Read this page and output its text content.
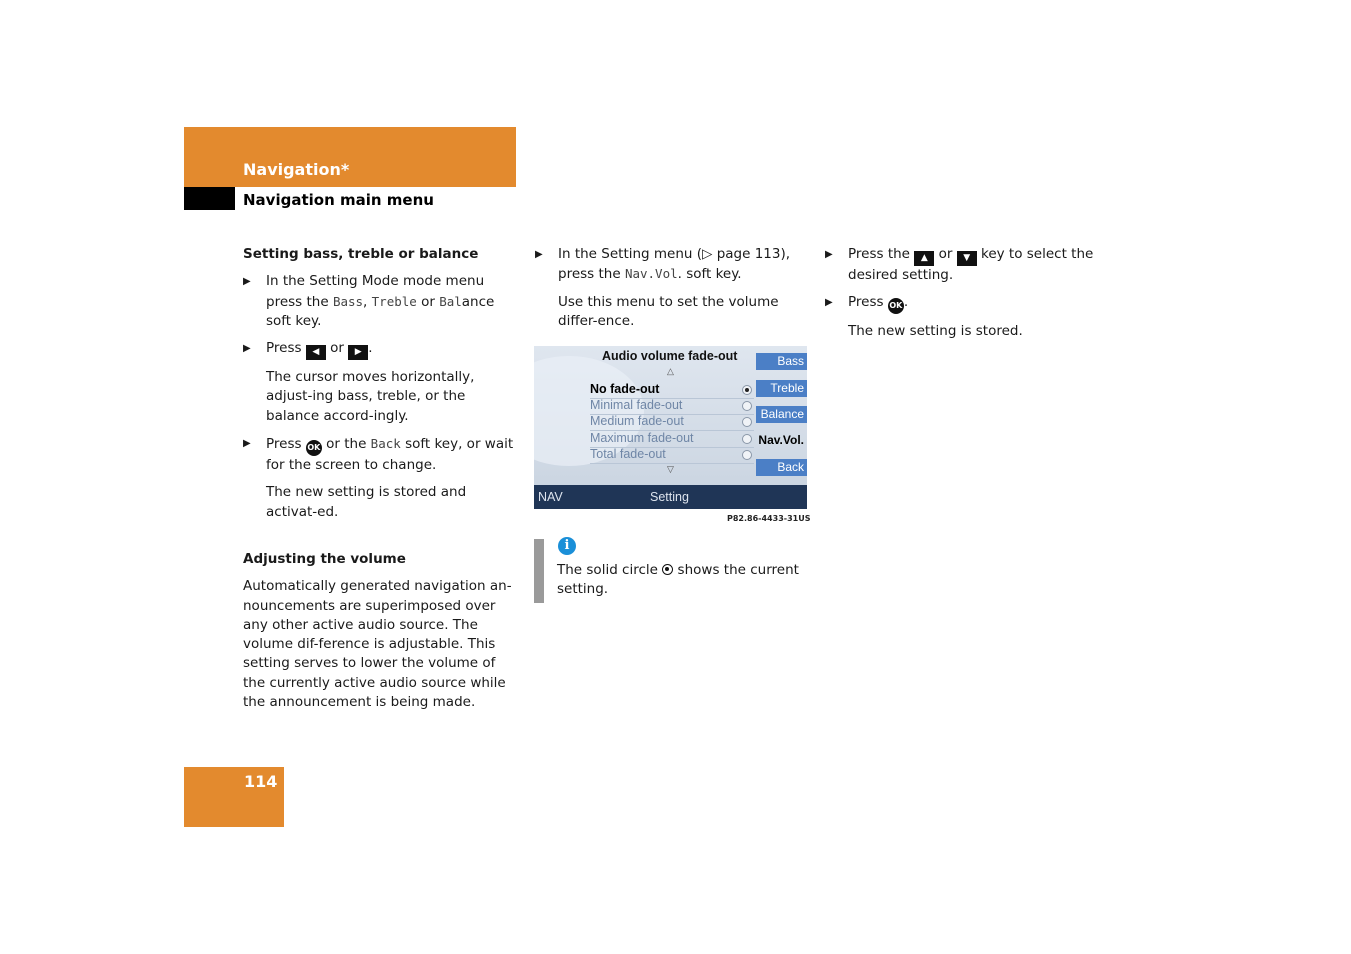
Navigation*
Navigation main menu

Setting bass, treble or balance

▶ In the Setting Mode mode menu press the Bass, Treble or Balance soft key.

▶ Press ◀ or ▶ .

The cursor moves horizontally, adjust-ing bass, treble, or the balance accord-ingly.

▶ Press OK or the Back soft key, or wait for the screen to change.

The new setting is stored and activat-ed.

Adjusting the volume

Automatically generated navigation an-nouncements are superimposed over any other active audio source. The volume dif-ference is adjustable. This setting serves to lower the volume of the currently active audio source while the announcement is being made.

▶ In the Setting menu (▷ page 113), press the Nav.Vol. soft key.

Use this menu to set the volume differ-ence.

Audio volume fade-out
△
No fade-out
Minimal fade-out
Medium fade-out
Maximum fade-out
Total fade-out
▽
Bass
Treble
Balance
Nav.Vol.
Back
NAV	Setting
P82.86-4433-31US
i
The solid circle  shows the current setting.

▶ Press the ▲ or ▼ key to select the desired setting.

▶ Press OK .

The new setting is stored.

114
